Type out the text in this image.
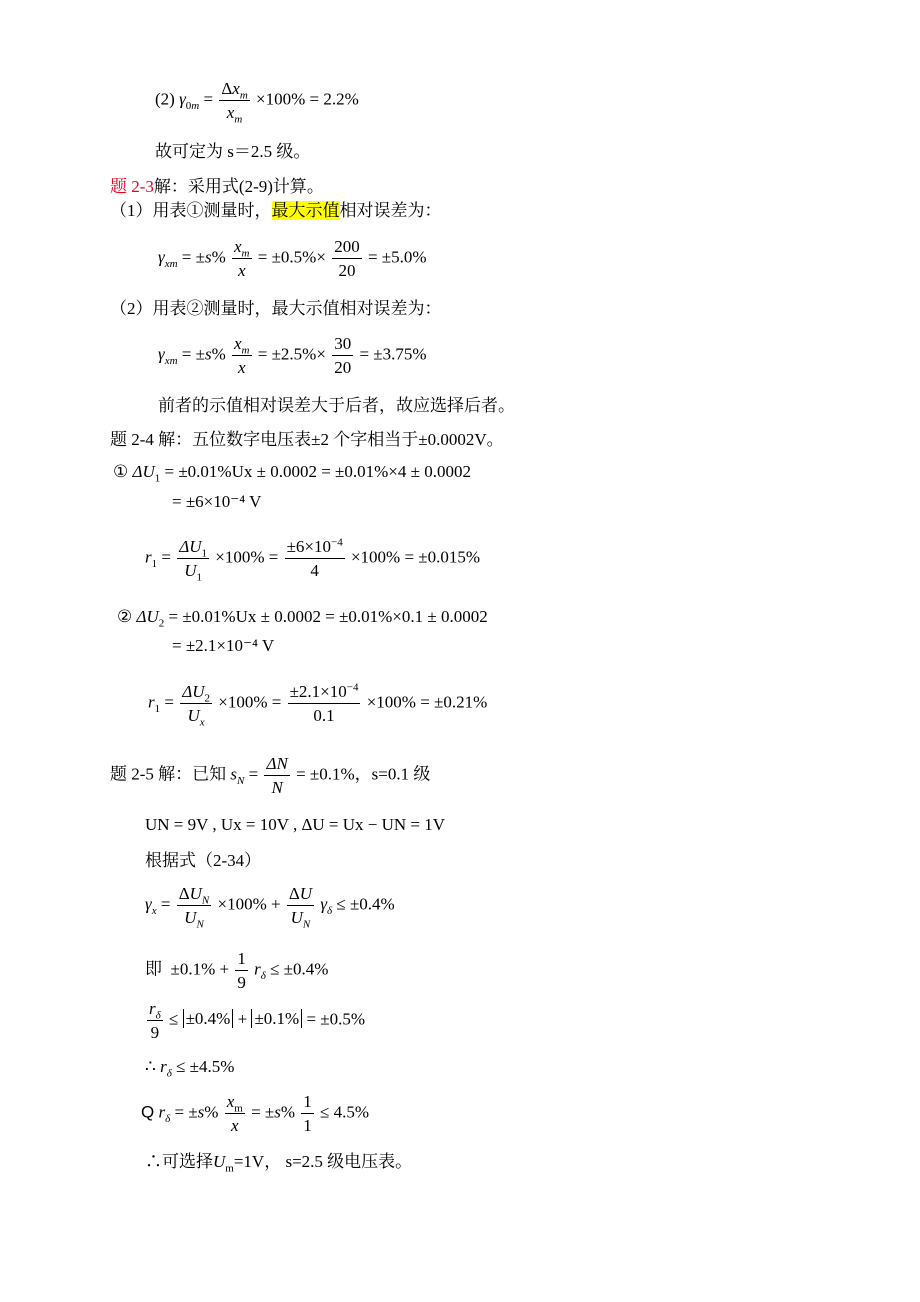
(2) $\gamma_{0m} = \frac{\Delta x_m}{x_m} \times 100\% = 2.2\%$
故可定为 s＝2.5 级。
题 2-3解：采用式(2-9)计算。
（1）用表①测量时，最大示值相对误差为：
$\gamma_{xm} = \pm s\% \frac{x_m}{x} = \pm 0.5\%\times \frac{200}{20} = \pm 5.0\%$
（2）用表②测量时，最大示值相对误差为：
$\gamma_{xm} = \pm s\% \frac{x_m}{x} = \pm 2.5\%\times \frac{30}{20} = \pm 3.75\%$
前者的示值相对误差大于后者，故应选择后者。
题 2-4 解：五位数字电压表±2 个字相当于±0.0002V。
① $\Delta U_1 = \pm 0.01\%Ux \pm 0.0002 = \pm 0.01\%\times 4 \pm 0.0002$
= ±6×10⁻⁴ V
$r_1 = \frac{\Delta U_1}{U_1} \times 100\% = \frac{\pm 6\times 10^{-4}}{4} \times 100\% = \pm 0.015\%$
② $\Delta U_2 = \pm 0.01\%Ux \pm 0.0002 = \pm 0.01\%\times 0.1 \pm 0.0002$
= ±2.1×10⁻⁴ V
$r_1 = \frac{\Delta U_2}{U_x} \times 100\% = \frac{\pm 2.1\times 10^{-4}}{0.1} \times 100\% = \pm 0.21\%$
题 2-5 解：已知 $s_N = \frac{\Delta N}{N} = \pm 0.1\%$，s=0.1 级
UN = 9V , Ux = 10V , ΔU = Ux − UN = 1V
根据式（2-34）
$\gamma_x = \frac{\Delta U_N}{U_N} \times 100\% + \frac{\Delta U}{U_N} \gamma_\delta \le \pm 0.4\%$
即  $\pm 0.1\% + \frac{1}{9} r_\delta \le \pm 0.4\%$
$\frac{r_\delta}{9} \le \pm 0.4\% + \pm 0.1\% = \pm 0.5\%$
∴ $r_\delta \le \pm 4.5\%$
Q $r_\delta = \pm s\% \frac{x_m}{x} = \pm s\% \frac{1}{1} \le 4.5\%$
∴可选择$U_m=1V$， s=2.5 级电压表。
